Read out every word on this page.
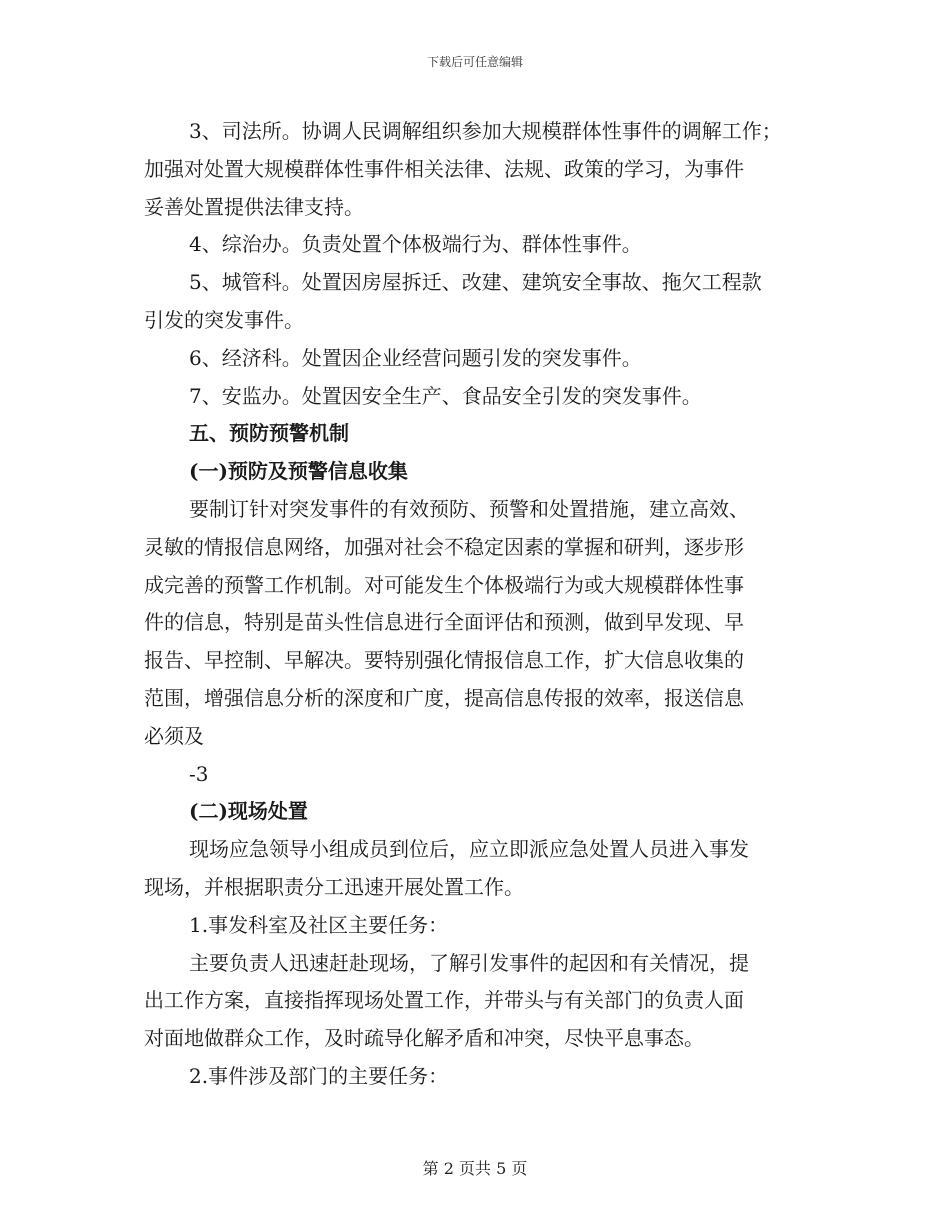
下载后可任意编辑
3、司法所。协调人民调解组织参加大规模群体性事件的调解工作；
加强对处置大规模群体性事件相关法律、法规、政策的学习，为事件
妥善处置提供法律支持。
4、综治办。负责处置个体极端行为、群体性事件。
5、城管科。处置因房屋拆迁、改建、建筑安全事故、拖欠工程款
引发的突发事件。
6、经济科。处置因企业经营问题引发的突发事件。
7、安监办。处置因安全生产、食品安全引发的突发事件。
五、预防预警机制
(一)预防及预警信息收集
要制订针对突发事件的有效预防、预警和处置措施，建立高效、
灵敏的情报信息网络，加强对社会不稳定因素的掌握和研判，逐步形
成完善的预警工作机制。对可能发生个体极端行为或大规模群体性事
件的信息，特别是苗头性信息进行全面评估和预测，做到早发现、早
报告、早控制、早解决。要特别强化情报信息工作，扩大信息收集的
范围，增强信息分析的深度和广度，提高信息传报的效率，报送信息
必须及
-3
(二)现场处置
现场应急领导小组成员到位后，应立即派应急处置人员进入事发
现场，并根据职责分工迅速开展处置工作。
1.事发科室及社区主要任务：
主要负责人迅速赶赴现场，了解引发事件的起因和有关情况，提
出工作方案，直接指挥现场处置工作，并带头与有关部门的负责人面
对面地做群众工作，及时疏导化解矛盾和冲突，尽快平息事态。
2.事件涉及部门的主要任务：
第 2 页共 5 页
